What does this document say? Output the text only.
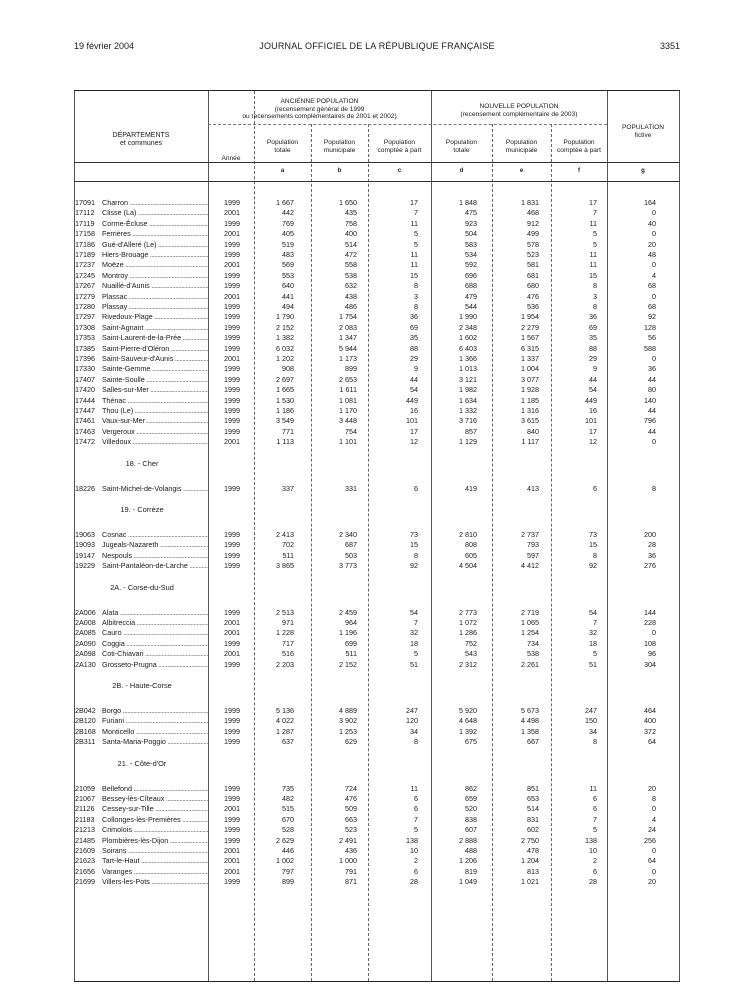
19 février 2004	JOURNAL OFFICIEL DE LA RÉPUBLIQUE FRANÇAISE	3351
DÉPARTEMENTS
et communes
Année
ANCIENNE POPULATION
(recensement général de 1999
ou recensements complémentaires de 2001 et 2002)
NOUVELLE POPULATION
(recensement complémentaire de 2003)
POPULATION
fictive
Population
totale
Population
municipale
Population
comptée à part
Population
totale
Population
municipale
Population
comptée à part
a	b	c	d	e	f	g
17091 Charron .....	1999	1 667	1 650	17	1 848	1 831	17	164
17112	Clisse (La) .....	2001	442	435	7	475	468	7	0
17119	Corme-Écluse .....	1999	769	758	11	923	912	11	40
17158 Ferrières .....	2001	405	400	5	504	499	5	0
17186 Gué-d'Alleré (Le) .....	1999	519	514	5	583	578	5	20
17189 Hiers-Brouage .....	1999	483	472	11	534	523	11	48
17237 Moëze .....	2001	569	558	11	592	581	11	0
17245 Montroy .....	1999	553	538	15	696	681	15	4
17267 Nuaillé-d'Aunis .....	1999	640	632	8	688	680	8	68
17279 Plassac .....	2001	441	438	3	479	476	3	0
17280 Plassay .....	1999	494	486	8	544	536	8	68
17297 Rivedoux-Plage .....	1999	1 790	1 754	36	1 990	1 954	36	92
17308 Saint-Agnant .....	1999	2 152	2 083	69	2 348	2 279	69	128
17353 Saint-Laurent-de-la-Prée .....	1999	1 382	1 347	35	1 602	1 567	35	56
17385 Saint-Pierre-d'Oléron .....	1999	6 032	5 944	88	6 403	6 315	88	588
17396 Saint-Sauveur-d'Aunis .....	2001	1 202	1 173	29	1 366	1 337	29	0
17330 Sainte-Gemme .....	1999	908	899	9	1 013	1 004	9	36
17407 Sainte-Soulle .....	1999	2 697	2 653	44	3 121	3 077	44	44
17420 Salles-sur-Mer .....	1999	1 665	1 611	54	1 982	1 928	54	80
17444 Thénac .....	1999	1 530	1 081	449	1 634	1 185	449	140
17447 Thou (Le) .....	1999	1 186	1 170	16	1 332	1 316	16	44
17461 Vaux-sur-Mer .....	1999	3 549	3 448	101	3 716	3 615	101	796
17463 Vergeroux .....	1999	771	754	17	857	840	17	44
17472 Villedoux .....	2001	1 113	1 101	12	1 129	1 117	12	0
18. - Cher
18226 Saint-Michel-de-Volangis .....	1999	337	331	6	419	413	6	8
19. - Corrèze
19063 Cosnac .....	1999	2 413	2 340	73	2 810	2 737	73	200
19093 Jugeals-Nazareth .....	1999	702	687	15	808	793	15	28
19147 Nespouls .....	1999	511	503	8	605	597	8	36
19229 Saint-Pantaléon-de-Larche .....	1999	3 865	3 773	92	4 504	4 412	92	276
2A. - Corse-du-Sud
2A006 Alata .....	1999	2 513	2 459	54	2 773	2 719	54	144
2A008 Albitreccia .....	2001	971	964	7	1 072	1 065	7	228
2A085 Cauro .....	2001	1 228	1 196	32	1 286	1 254	32	0
2A090 Coggia .....	1999	717	699	18	752	734	18	108
2A098 Coti-Chiavari .....	2001	516	511	5	543	538	5	96
2A130 Grosseto-Prugna .....	1999	2 203	2 152	51	2 312	2 261	51	304
2B. - Haute-Corse
2B042 Borgo .....	1999	5 136	4 889	247	5 920	5 673	247	464
2B120 Furiani .....	1999	4 022	3 902	120	4 648	4 498	150	400
2B168 Monticello .....	1999	1 287	1 253	34	1 392	1 358	34	372
2B311 Santa-Maria-Poggio .....	1999	637	629	8	675	667	8	64
21. - Côte-d'Or
21059 Bellefond .....	1999	735	724	11	862	851	11	20
21067 Bessey-lès-Cîteaux .....	1999	482	476	6	659	653	6	8
21126	Cessey-sur-Tille .....	2001	515	509	6	520	514	6	0
21183	Collonges-lès-Premières .....	1999	670	663	7	838	831	7	4
21213 Crimolois .....	1999	528	523	5	607	602	5	24
21485 Plombières-lès-Dijon .....	1999	2 629	2 491	138	2 888	2 750	138	256
21609 Soirans .....	2001	446	436	10	488	478	10	0
21623 Tart-le-Haut .....	2001	1 002	1 000	2	1 206	1 204	2	64
21656 Varanges .....	2001	797	791	6	819	813	6	0
21699 Villers-les-Pots .....	1999	899	871	28	1 049	1 021	28	20
